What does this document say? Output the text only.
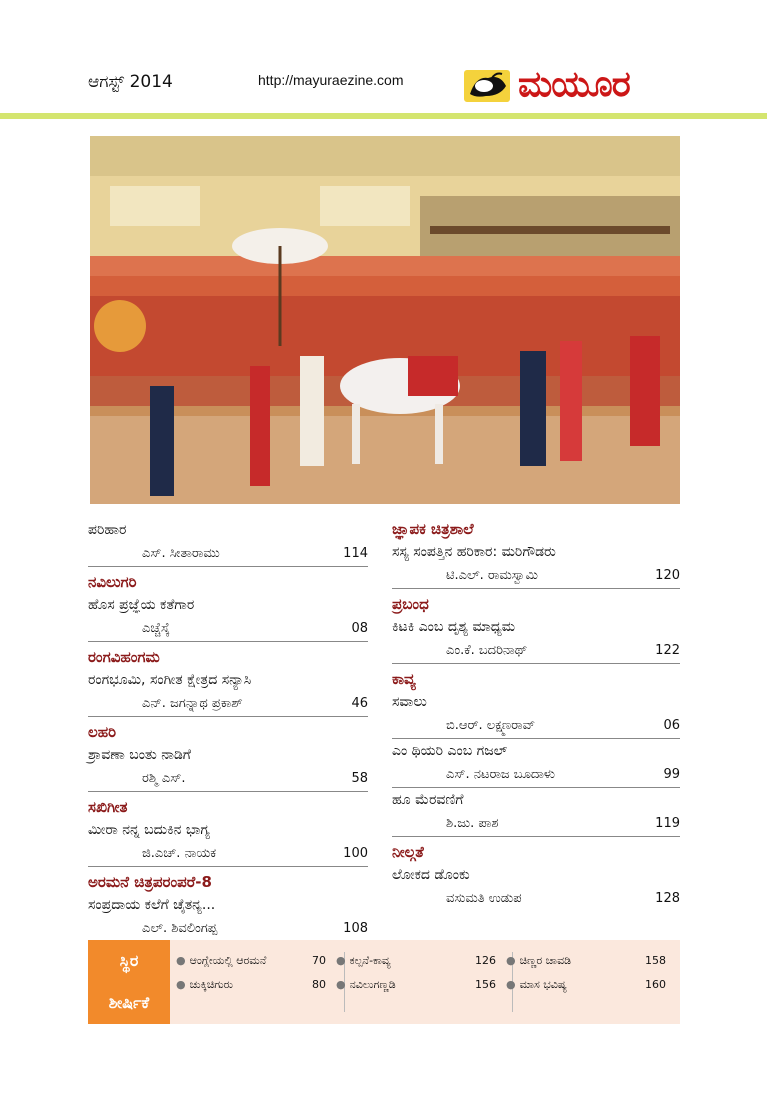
ಆಗಸ್ಟ್ 2014	http://mayuraezine.com	ಮಯೂರ
ಪರಿಹಾರ
ಎಸ್. ಸೀತಾರಾಮು	114
ನವಿಲುಗರಿ
ಹೊಸ ಪ್ರಜ್ಞೆಯ ಕತೆಗಾರ
ಎಚ್ಚೆಸ್ಕೆ	08
ರಂಗವಿಹಂಗಮ
ರಂಗಭೂಮಿ, ಸಂಗೀತ ಕ್ಷೇತ್ರದ ಸನ್ಯಾಸಿ
ಎನ್. ಜಗನ್ನಾಥ ಪ್ರಕಾಶ್	46
ಲಹರಿ
ಶ್ರಾವಣಾ ಬಂತು ನಾಡಿಗೆ
ರಶ್ಮಿ ಎಸ್.	58
ಸಖಿಗೀತ
ಮೀರಾ ನನ್ನ ಬದುಕಿನ ಭಾಗ್ಯ
ಜಿ.ಎಚ್. ನಾಯಕ	100
ಅರಮನೆ ಚಿತ್ರಪರಂಪರೆ-8
ಸಂಪ್ರದಾಯ ಕಲೆಗೆ ಚೈತನ್ಯ...
ಎಲ್. ಶಿವಲಿಂಗಪ್ಪ	108
ಜ್ಞಾಪಕ ಚಿತ್ರಶಾಲೆ
ಸಸ್ಯ ಸಂಪತ್ತಿನ ಹರಿಕಾರ: ಮರಿಗೌಡರು
ಟಿ.ಎಲ್. ರಾಮಸ್ವಾಮಿ	120
ಪ್ರಬಂಧ
ಕಿಟಕಿ ಎಂಬ ದೃಶ್ಯ ಮಾಧ್ಯಮ
ಎಂ.ಕೆ. ಬದರಿನಾಥ್	122
ಕಾವ್ಯ
ಸವಾಲು
ಬಿ.ಆರ್. ಲಕ್ಷ್ಮಣರಾವ್	06
ಎಂ ಥಿಯರಿ ಎಂಬ ಗಜಲ್
ಎಸ್. ನಟರಾಜ ಬೂದಾಳು	99
ಹೂ ಮೆರವಣಿಗೆ
ಶಿ.ಜು. ಪಾಶ	119
ನೀಲ್ಗತೆ
ಲೋಕದ ಡೊಂಕು
ವಸುಮತಿ ಉಡುಪ	128
ಸ್ಥಿರ
ಶೀರ್ಷಿಕೆ
● ಆಂಗ್ಲೇಯಲ್ಲಿ ಆರಮನೆ	70 ● ಕಲ್ಪನೆ-ಕಾವ್ಯ	126 ● ಚಿಣ್ಣರ ಚಾವಡಿ	158
● ಚುಕ್ಕಿಚಿಗುರು	80 ● ನವಿಲುಗಣ್ಣಡಿ	156 ● ಮಾಸ ಭವಿಷ್ಯ	160
